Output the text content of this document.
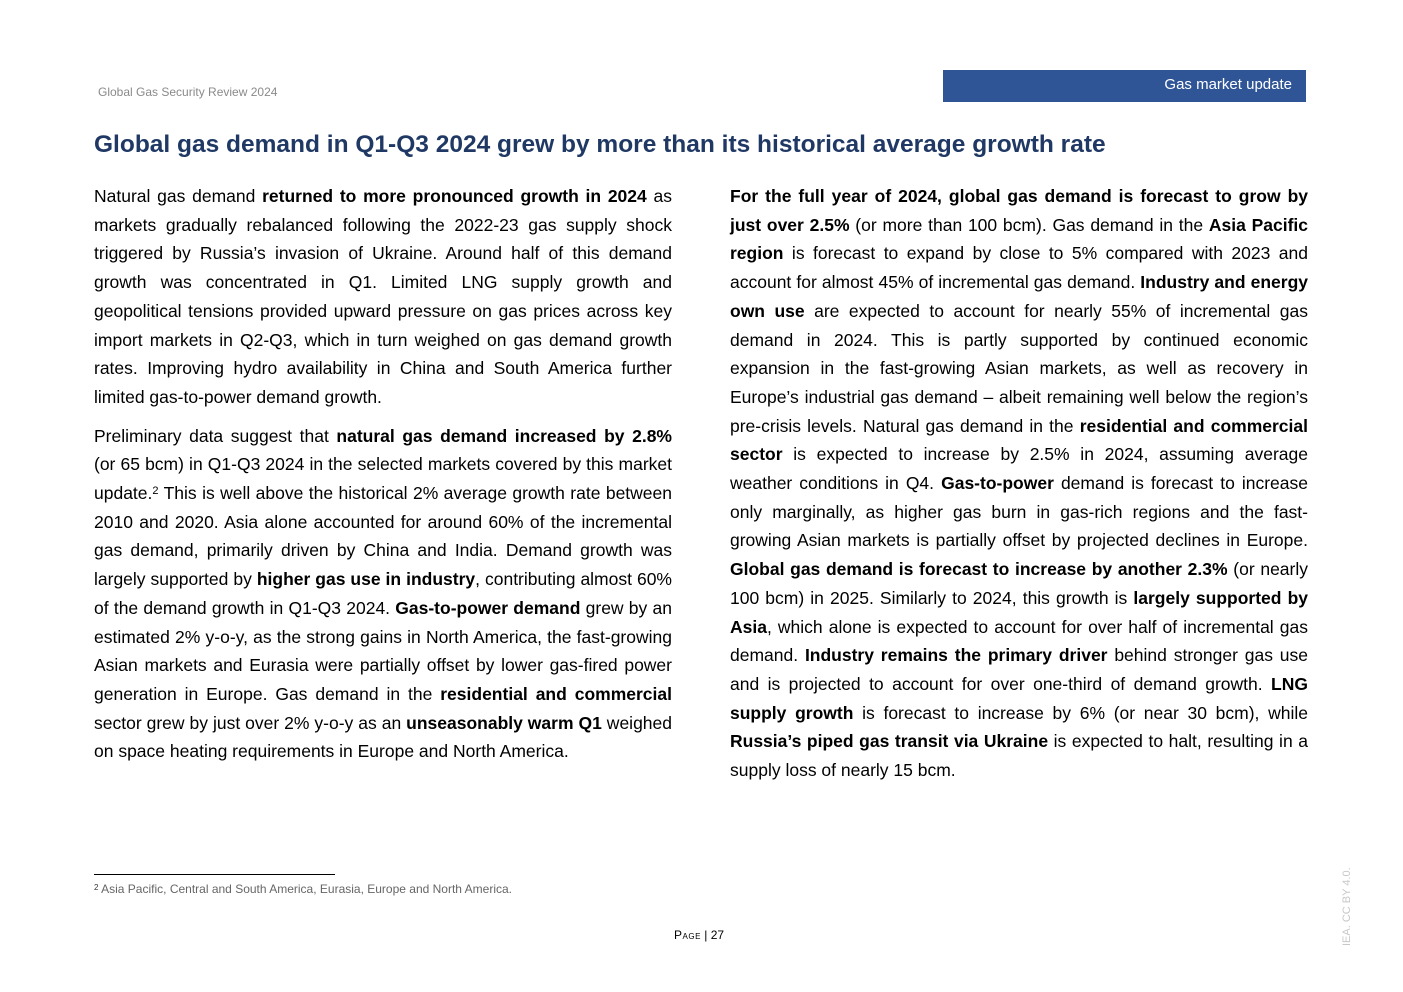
Global Gas Security Review 2024	Gas market update
Global gas demand in Q1-Q3 2024 grew by more than its historical average growth rate

Natural gas demand returned to more pronounced growth in 2024 as markets gradually rebalanced following the 2022-23 gas supply shock triggered by Russia’s invasion of Ukraine. Around half of this demand growth was concentrated in Q1. Limited LNG supply growth and geopolitical tensions provided upward pressure on gas prices across key import markets in Q2-Q3, which in turn weighed on gas demand growth rates. Improving hydro availability in China and South America further limited gas-to-power demand growth.

Preliminary data suggest that natural gas demand increased by 2.8% (or 65 bcm) in Q1-Q3 2024 in the selected markets covered by this market update.$^2$ This is well above the historical 2% average growth rate between 2010 and 2020. Asia alone accounted for around 60% of the incremental gas demand, primarily driven by China and India. Demand growth was largely supported by higher gas use in industry, contributing almost 60% of the demand growth in Q1-Q3 2024. Gas-to-power demand grew by an estimated 2% y-o-y, as the strong gains in North America, the fast-growing Asian markets and Eurasia were partially offset by lower gas-fired power generation in Europe. Gas demand in the residential and commercial sector grew by just over 2% y-o-y as an unseasonably warm Q1 weighed on space heating requirements in Europe and North America.

For the full year of 2024, global gas demand is forecast to grow by just over 2.5% (or more than 100 bcm). Gas demand in the Asia Pacific region is forecast to expand by close to 5% compared with 2023 and account for almost 45% of incremental gas demand. Industry and energy own use are expected to account for nearly 55% of incremental gas demand in 2024. This is partly supported by continued economic expansion in the fast-growing Asian markets, as well as recovery in Europe’s industrial gas demand – albeit remaining well below the region’s pre-crisis levels. Natural gas demand in the residential and commercial sector is expected to increase by 2.5% in 2024, assuming average weather conditions in Q4. Gas-to-power demand is forecast to increase only marginally, as higher gas burn in gas-rich regions and the fast-growing Asian markets is partially offset by projected declines in Europe. Global gas demand is forecast to increase by another 2.3% (or nearly 100 bcm) in 2025. Similarly to 2024, this growth is largely supported by Asia, which alone is expected to account for over half of incremental gas demand. Industry remains the primary driver behind stronger gas use and is projected to account for over one-third of demand growth. LNG supply growth is forecast to increase by 6% (or near 30 bcm), while Russia’s piped gas transit via Ukraine is expected to halt, resulting in a supply loss of nearly 15 bcm.

$^2$ Asia Pacific, Central and South America, Eurasia, Europe and North America.
Page | 27	IEA. CC BY 4.0.
